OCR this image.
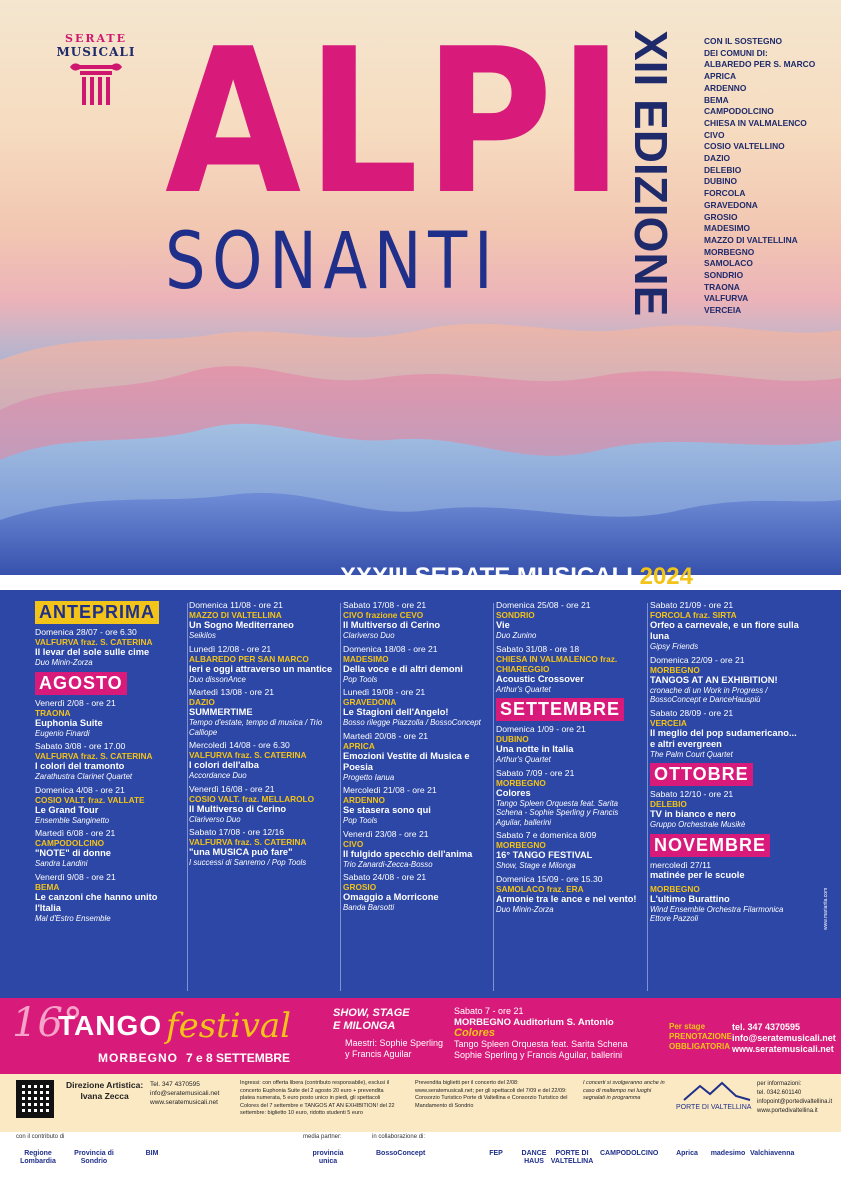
SERATE
MUSICALI ALPI
SONANTI	XII EDIZIONE	CON IL SOSTEGNO
DEI COMUNI DI:
ALBAREDO PER S. MARCO
APRICA
ARDENNO
BEMA
CAMPODOLCINO
CHIESA IN VALMALENCO
CIVO
COSIO VALTELLINO
DAZIO
DELEBIO
DUBINO
FORCOLA
GRAVEDONA
GROSIO
MADESIMO
MAZZO DI VALTELLINA
MORBEGNO
SAMOLACO
SONDRIO
TRAONA
VALFURVA
VERCEIA
XXXIII SERATE MUSICALI 2024
ANTEPRIMA
Domenica 28/07 - ore 6.30
VALFURVA fraz. S. CATERINA
Il levar del sole sulle cime
Duo Minin-Zorza
AGOSTO
Venerdì 2/08 - ore 21
TRAONA
Euphonia Suite
Eugenio Finardi
Sabato 3/08 - ore 17.00
VALFURVA fraz. S. CATERINA
I colori del tramonto
Zarathustra Clarinet Quartet
Domenica 4/08 - ore 21
COSIO VALT. fraz. VALLATE
Le Grand Tour
Ensemble Sanginetto
Martedì 6/08 - ore 21
CAMPODOLCINO
"NOTE" di donne
Sandra Landini
Venerdì 9/08 - ore 21
BEMA
Le canzoni che hanno unito l'Italia
Mal d'Estro Ensemble
Domenica 11/08 - ore 21
MAZZO DI VALTELLINA
Un Sogno Mediterraneo
Seikilos
Lunedì 12/08 - ore 21
ALBAREDO PER SAN MARCO
Ieri e oggi attraverso un mantice
Duo dissonAnce
Martedì 13/08 - ore 21
DAZIO
SUMMERTIME
Tempo d'estate, tempo di musica / Trio Calliope
Mercoledì 14/08 - ore 6.30
VALFURVA fraz. S. CATERINA
I colori dell'alba
Accordance Duo
Venerdì 16/08 - ore 21
COSIO VALT. fraz. MELLAROLO
Il Multiverso di Cerino
Clariverso Duo
Sabato 17/08 - ore 12/16
VALFURVA fraz. S. CATERINA
"una MUSICA può fare"
I successi di Sanremo / Pop Tools
Sabato 17/08 - ore 21
CIVO frazione CEVO
Il Multiverso di Cerino
Clariverso Duo
Domenica 18/08 - ore 21
MADESIMO
Della voce e di altri demoni
Pop Tools
Lunedì 19/08 - ore 21
GRAVEDONA
Le Stagioni dell'Angelo!
Bosso rilegge Piazzolla / BossoConcept
Martedì 20/08 - ore 21
APRICA
Emozioni Vestite di Musica e Poesia
Progetto Ianua
Mercoledì 21/08 - ore 21
ARDENNO
Se stasera sono qui
Pop Tools
Venerdì 23/08 - ore 21
CIVO
Il fulgido specchio dell'anima
Trio Zanardi-Zecca-Bosso
Sabato 24/08 - ore 21
GROSIO
Omaggio a Morricone
Banda Barsotti
Domenica 25/08 - ore 21
SONDRIO
Vie
Duo Zunino
Sabato 31/08 - ore 18
CHIESA IN VALMALENCO fraz. CHIAREGGIO
Acoustic Crossover
Arthur's Quartet
SETTEMBRE
Domenica 1/09 - ore 21
DUBINO
Una notte in Italia
Arthur's Quartet
Sabato 7/09 - ore 21
MORBEGNO
Colores
Tango Spleen Orquesta feat. Sarita Schena - Sophie Sperling y Francis Aguilar, ballerini
Sabato 7 e domenica 8/09
MORBEGNO
16° TANGO FESTIVAL
Show, Stage e Milonga
Domenica 15/09 - ore 15.30
SAMOLACO fraz. ERA
Armonie tra le ance e nel vento!
Duo Minin-Zorza
Sabato 21/09 - ore 21
FORCOLA fraz. SIRTA
Orfeo a carnevale, e un fiore sulla luna
Gipsy Friends
Domenica 22/09 - ore 21
MORBEGNO
TANGOS AT AN EXHIBITION!
cronache di un Work in Progress / BossoConcept e DanceHauspiù
Sabato 28/09 - ore 21
VERCEIA
Il meglio del pop sudamericano... e altri evergreen
The Palm Court Quartet
OTTOBRE
Sabato 12/10 - ore 21
DELEBIO
TV in bianco e nero
Gruppo Orchestrale Musikè
NOVEMBRE
mercoledì 27/11
matinée per le scuole
MORBEGNO
L'ultimo Burattino
Wind Ensemble Orchestra Filarmonica Ettore Pazzoli	www.mariarita.com
16°
TANGO festival
MORBEGNO 7 e 8 SETTEMBRE
SHOW, STAGE
E MILONGA
Maestri: Sophie Sperling y Francis Aguilar
Sabato 7 - ore 21
MORBEGNO Auditorium S. Antonio
Colores
Tango Spleen Orquesta feat. Sarita Schena
Sophie Sperling y Francis Aguilar, ballerini
Per stage
PRENOTAZIONE
OBBLIGATORIA
tel. 347 4370595
info@seratemusicali.net
www.seratemusicali.net
Direzione Artistica:
Ivana Zecca
Tel. 347 4370595
info@seratemusicali.net
www.seratemusicali.net
Ingressi: con offerta libera (contributo responsabile), esclusi il concerto Euphonia Suite del 2 agosto 20 euro + prevendita platea numerata, 5 euro posto unico in piedi, gli spettacoli Colores del 7 settembre e TANGOS AT AN EXHIBITION! del 22 settembre: biglietto 10 euro, ridotto studenti 5 euro
Prevendita biglietti per il concerto del 2/08: www.seratemusicali.net; per gli spettacoli del 7/09 e del 22/09: Consorzio Turistico Porte di Valtellina e Consorzio Turistico del Mandamento di Sondrio
I concerti si svolgeranno anche in caso di maltempo nei luoghi segnalati in programma
PORTE DI VALTELLINA
per informazioni:
tel. 0342.601140
infopoint@portedivaltellina.it
www.portedivaltellina.it
con il contributo di	media partner:	in collaborazione di:
Regione Lombardia
Provincia di Sondrio
BIM	provincia unica
BossoConcept	FEP	DANCE HAUS
PORTE DI VALTELLINA
CAMPODOLCINO	Aprica	madesimo Valchiavenna
